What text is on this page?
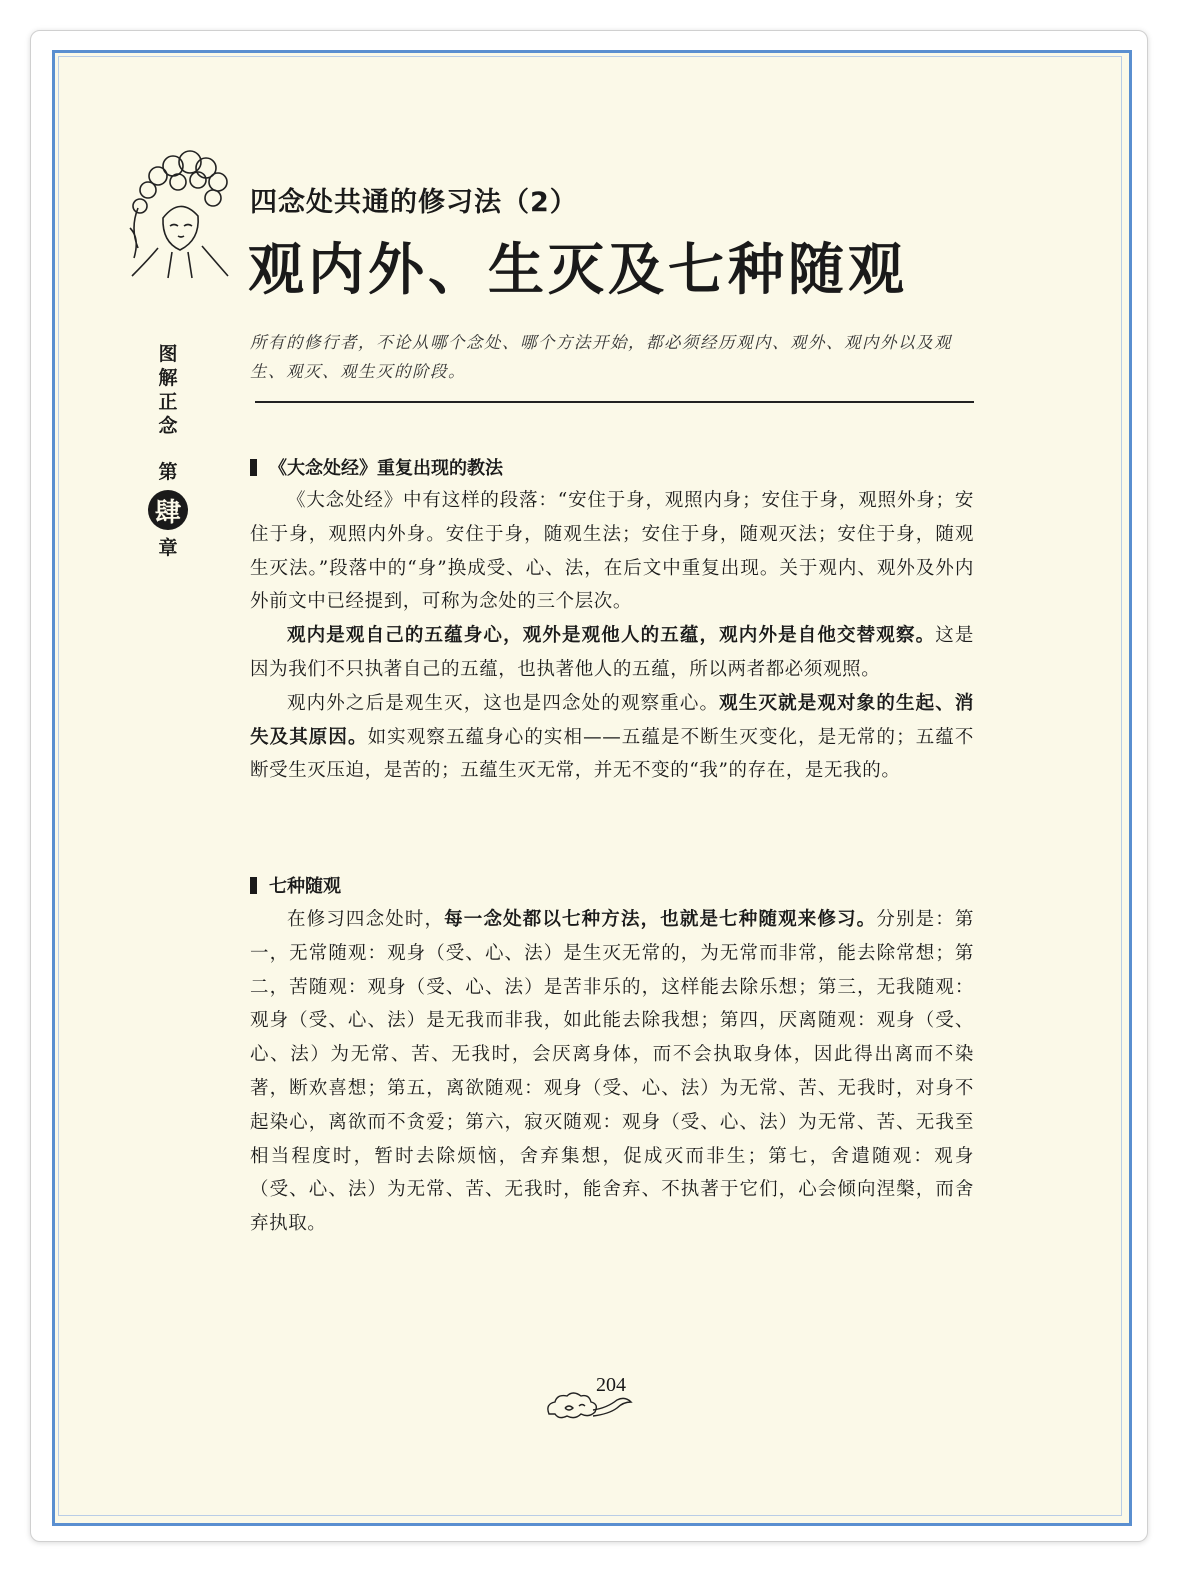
四念处共通的修习法（2）
观内外、生灭及七种随观
图
解
正
念
第
肆
章
所有的修行者，不论从哪个念处、哪个方法开始，都必须经历观内、观外、观内外以及观生、观灭、观生灭的阶段。
《大念处经》重复出现的教法

《大念处经》中有这样的段落：“安住于身，观照内身；安住于身，观照外身；安住于身，观照内外身。安住于身，随观生法；安住于身，随观灭法；安住于身，随观生灭法。”段落中的“身”换成受、心、法，在后文中重复出现。关于观内、观外及外内外前文中已经提到，可称为念处的三个层次。

观内是观自己的五蕴身心，观外是观他人的五蕴，观内外是自他交替观察。这是因为我们不只执著自己的五蕴，也执著他人的五蕴，所以两者都必须观照。

观内外之后是观生灭，这也是四念处的观察重心。观生灭就是观对象的生起、消失及其原因。如实观察五蕴身心的实相——五蕴是不断生灭变化，是无常的；五蕴不断受生灭压迫，是苦的；五蕴生灭无常，并无不变的“我”的存在，是无我的。

七种随观

在修习四念处时，每一念处都以七种方法，也就是七种随观来修习。分别是：第一，无常随观：观身（受、心、法）是生灭无常的，为无常而非常，能去除常想；第二，苦随观：观身（受、心、法）是苦非乐的，这样能去除乐想；第三，无我随观：观身（受、心、法）是无我而非我，如此能去除我想；第四，厌离随观：观身（受、心、法）为无常、苦、无我时，会厌离身体，而不会执取身体，因此得出离而不染著，断欢喜想；第五，离欲随观：观身（受、心、法）为无常、苦、无我时，对身不起染心，离欲而不贪爱；第六，寂灭随观：观身（受、心、法）为无常、苦、无我至相当程度时，暂时去除烦恼，舍弃集想，促成灭而非生；第七，舍遣随观：观身（受、心、法）为无常、苦、无我时，能舍弃、不执著于它们，心会倾向涅槃，而舍弃执取。

204
